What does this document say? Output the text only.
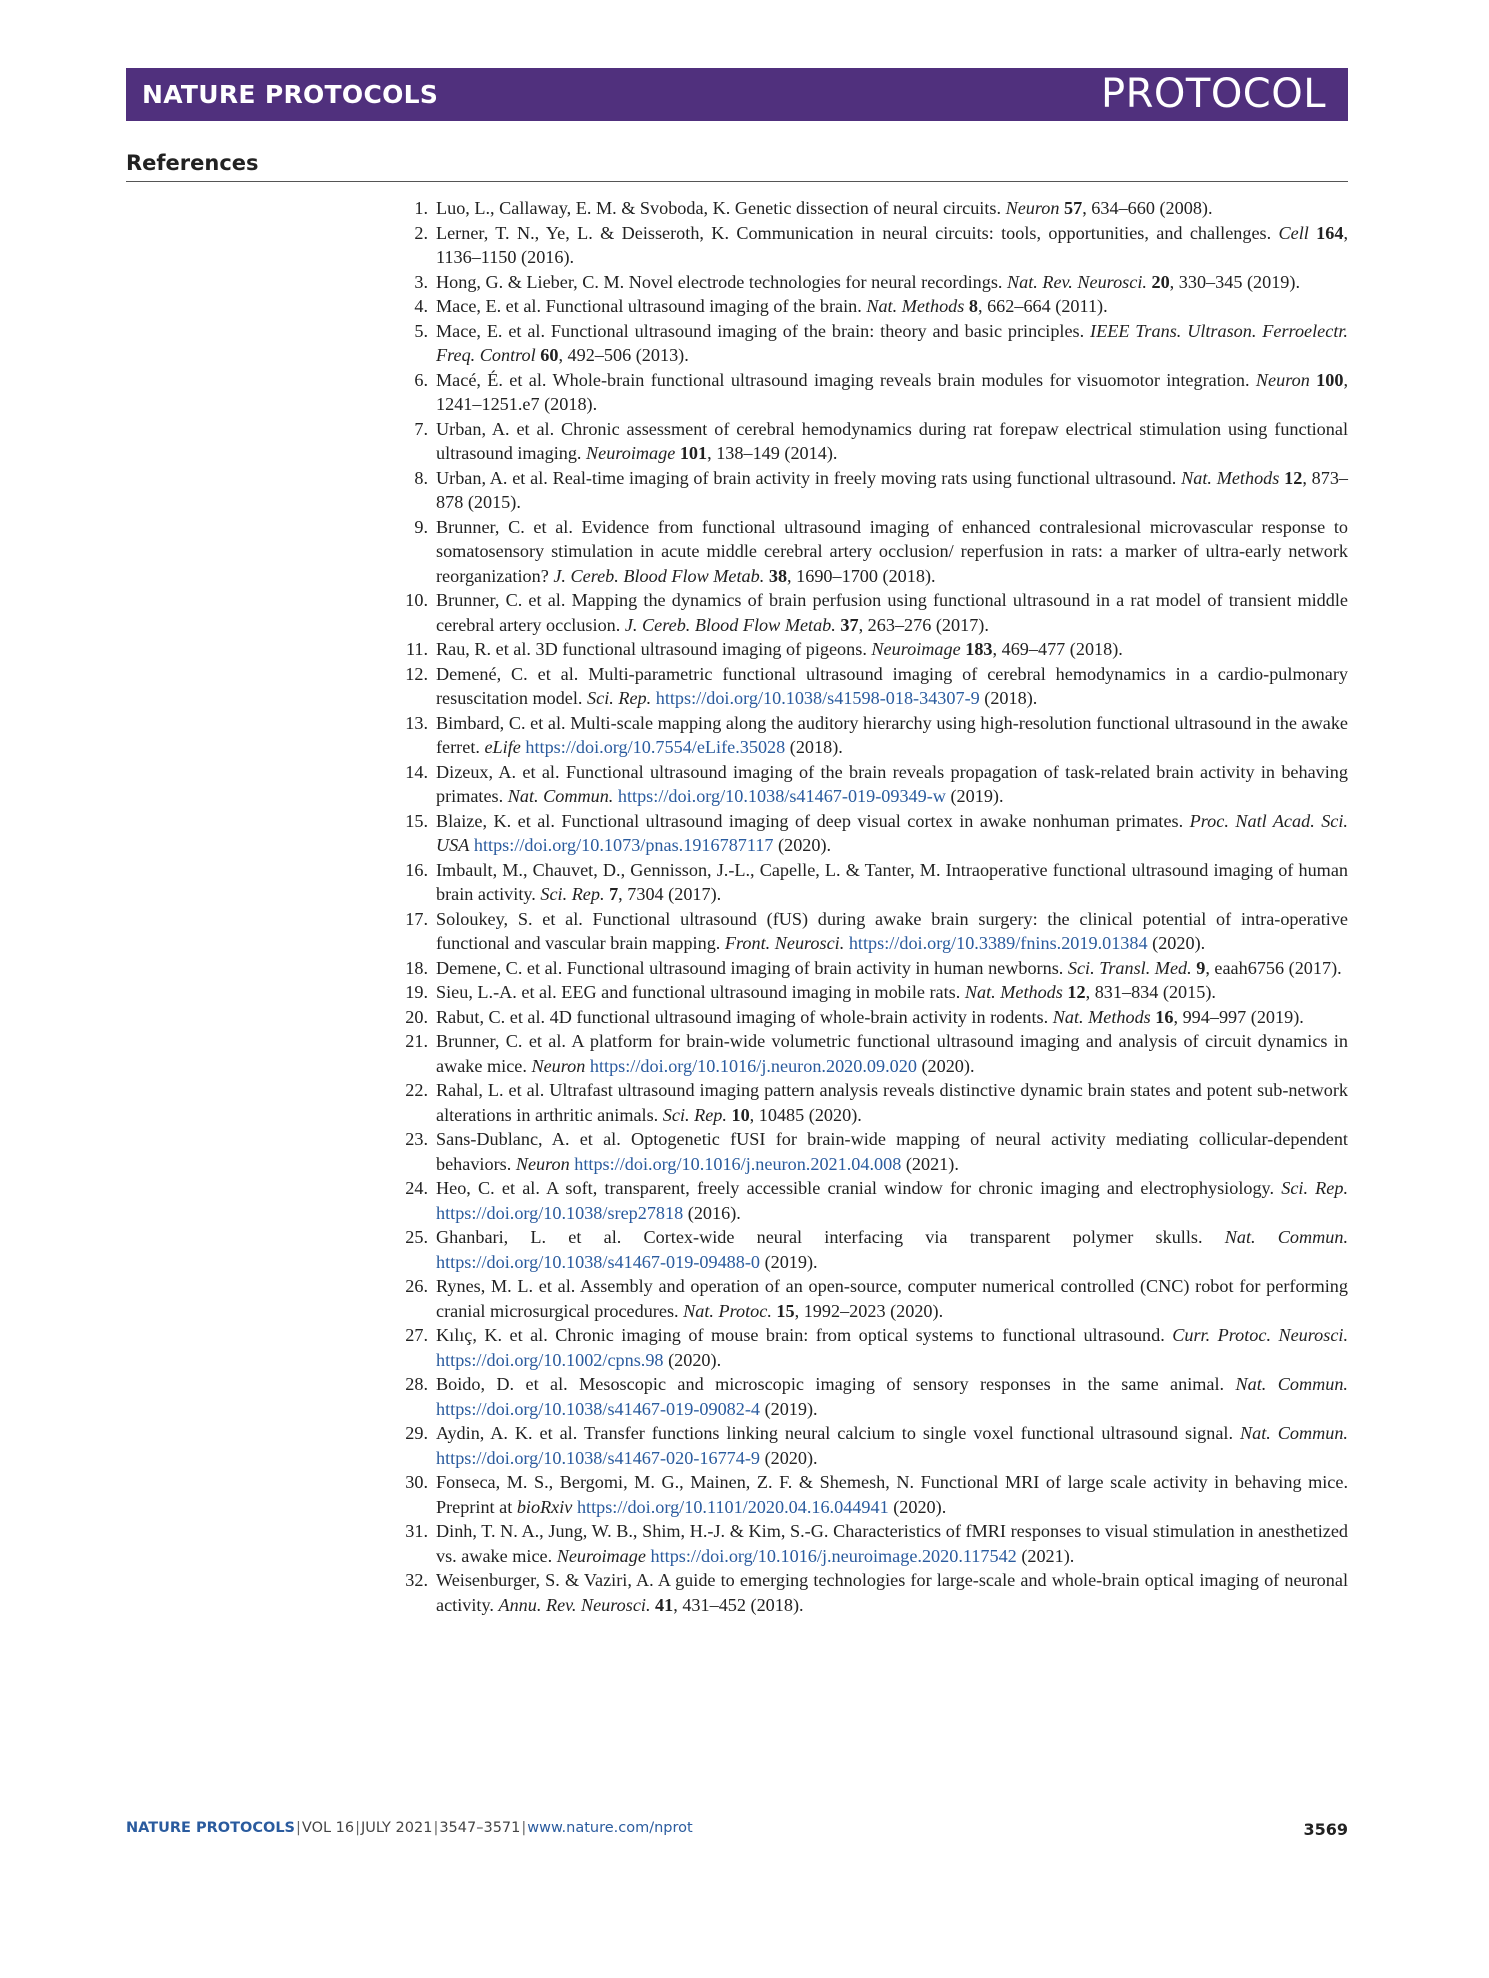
NATURE PROTOCOLS	PROTOCOL
References
1. Luo, L., Callaway, E. M. & Svoboda, K. Genetic dissection of neural circuits. Neuron 57, 634–660 (2008).
2. Lerner, T. N., Ye, L. & Deisseroth, K. Communication in neural circuits: tools, opportunities, and challenges. Cell 164, 1136–1150 (2016).
3. Hong, G. & Lieber, C. M. Novel electrode technologies for neural recordings. Nat. Rev. Neurosci. 20, 330–345 (2019).
4. Mace, E. et al. Functional ultrasound imaging of the brain. Nat. Methods 8, 662–664 (2011).
5. Mace, E. et al. Functional ultrasound imaging of the brain: theory and basic principles. IEEE Trans. Ultrason. Ferroelectr. Freq. Control 60, 492–506 (2013).
6. Macé, É. et al. Whole-brain functional ultrasound imaging reveals brain modules for visuomotor integration. Neuron 100, 1241–1251.e7 (2018).
7. Urban, A. et al. Chronic assessment of cerebral hemodynamics during rat forepaw electrical stimulation using functional ultrasound imaging. Neuroimage 101, 138–149 (2014).
8. Urban, A. et al. Real-time imaging of brain activity in freely moving rats using functional ultrasound. Nat. Methods 12, 873–878 (2015).
9. Brunner, C. et al. Evidence from functional ultrasound imaging of enhanced contralesional microvascular response to somatosensory stimulation in acute middle cerebral artery occlusion/ reperfusion in rats: a marker of ultra-early network reorganization? J. Cereb. Blood Flow Metab. 38, 1690–1700 (2018).
10. Brunner, C. et al. Mapping the dynamics of brain perfusion using functional ultrasound in a rat model of transient middle cerebral artery occlusion. J. Cereb. Blood Flow Metab. 37, 263–276 (2017).
11. Rau, R. et al. 3D functional ultrasound imaging of pigeons. Neuroimage 183, 469–477 (2018).
12. Demené, C. et al. Multi-parametric functional ultrasound imaging of cerebral hemodynamics in a cardio-pulmonary resuscitation model. Sci. Rep. https://doi.org/10.1038/s41598-018-34307-9 (2018).
13. Bimbard, C. et al. Multi-scale mapping along the auditory hierarchy using high-resolution functional ultrasound in the awake ferret. eLife https://doi.org/10.7554/eLife.35028 (2018).
14. Dizeux, A. et al. Functional ultrasound imaging of the brain reveals propagation of task-related brain activity in behaving primates. Nat. Commun. https://doi.org/10.1038/s41467-019-09349-w (2019).
15. Blaize, K. et al. Functional ultrasound imaging of deep visual cortex in awake nonhuman primates. Proc. Natl Acad. Sci. USA https://doi.org/10.1073/pnas.1916787117 (2020).
16. Imbault, M., Chauvet, D., Gennisson, J.-L., Capelle, L. & Tanter, M. Intraoperative functional ultrasound imaging of human brain activity. Sci. Rep. 7, 7304 (2017).
17. Soloukey, S. et al. Functional ultrasound (fUS) during awake brain surgery: the clinical potential of intra-operative functional and vascular brain mapping. Front. Neurosci. https://doi.org/10.3389/fnins.2019.01384 (2020).
18. Demene, C. et al. Functional ultrasound imaging of brain activity in human newborns. Sci. Transl. Med. 9, eaah6756 (2017).
19. Sieu, L.-A. et al. EEG and functional ultrasound imaging in mobile rats. Nat. Methods 12, 831–834 (2015).
20. Rabut, C. et al. 4D functional ultrasound imaging of whole-brain activity in rodents. Nat. Methods 16, 994–997 (2019).
21. Brunner, C. et al. A platform for brain-wide volumetric functional ultrasound imaging and analysis of circuit dynamics in awake mice. Neuron https://doi.org/10.1016/j.neuron.2020.09.020 (2020).
22. Rahal, L. et al. Ultrafast ultrasound imaging pattern analysis reveals distinctive dynamic brain states and potent sub-network alterations in arthritic animals. Sci. Rep. 10, 10485 (2020).
23. Sans-Dublanc, A. et al. Optogenetic fUSI for brain-wide mapping of neural activity mediating collicular-dependent behaviors. Neuron https://doi.org/10.1016/j.neuron.2021.04.008 (2021).
24. Heo, C. et al. A soft, transparent, freely accessible cranial window for chronic imaging and electrophysiology. Sci. Rep. https://doi.org/10.1038/srep27818 (2016).
25. Ghanbari, L. et al. Cortex-wide neural interfacing via transparent polymer skulls. Nat. Commun. https://doi.org/10.1038/s41467-019-09488-0 (2019).
26. Rynes, M. L. et al. Assembly and operation of an open-source, computer numerical controlled (CNC) robot for performing cranial microsurgical procedures. Nat. Protoc. 15, 1992–2023 (2020).
27. Kılıç, K. et al. Chronic imaging of mouse brain: from optical systems to functional ultrasound. Curr. Protoc. Neurosci. https://doi.org/10.1002/cpns.98 (2020).
28. Boido, D. et al. Mesoscopic and microscopic imaging of sensory responses in the same animal. Nat. Commun. https://doi.org/10.1038/s41467-019-09082-4 (2019).
29. Aydin, A. K. et al. Transfer functions linking neural calcium to single voxel functional ultrasound signal. Nat. Commun. https://doi.org/10.1038/s41467-020-16774-9 (2020).
30. Fonseca, M. S., Bergomi, M. G., Mainen, Z. F. & Shemesh, N. Functional MRI of large scale activity in behaving mice. Preprint at bioRxiv https://doi.org/10.1101/2020.04.16.044941 (2020).
31. Dinh, T. N. A., Jung, W. B., Shim, H.-J. & Kim, S.-G. Characteristics of fMRI responses to visual stimulation in anesthetized vs. awake mice. Neuroimage https://doi.org/10.1016/j.neuroimage.2020.117542 (2021).
32. Weisenburger, S. & Vaziri, A. A guide to emerging technologies for large-scale and whole-brain optical imaging of neuronal activity. Annu. Rev. Neurosci. 41, 431–452 (2018).
NATURE PROTOCOLS|VOL 16|JULY 2021|3547–3571|www.nature.com/nprot	3569
